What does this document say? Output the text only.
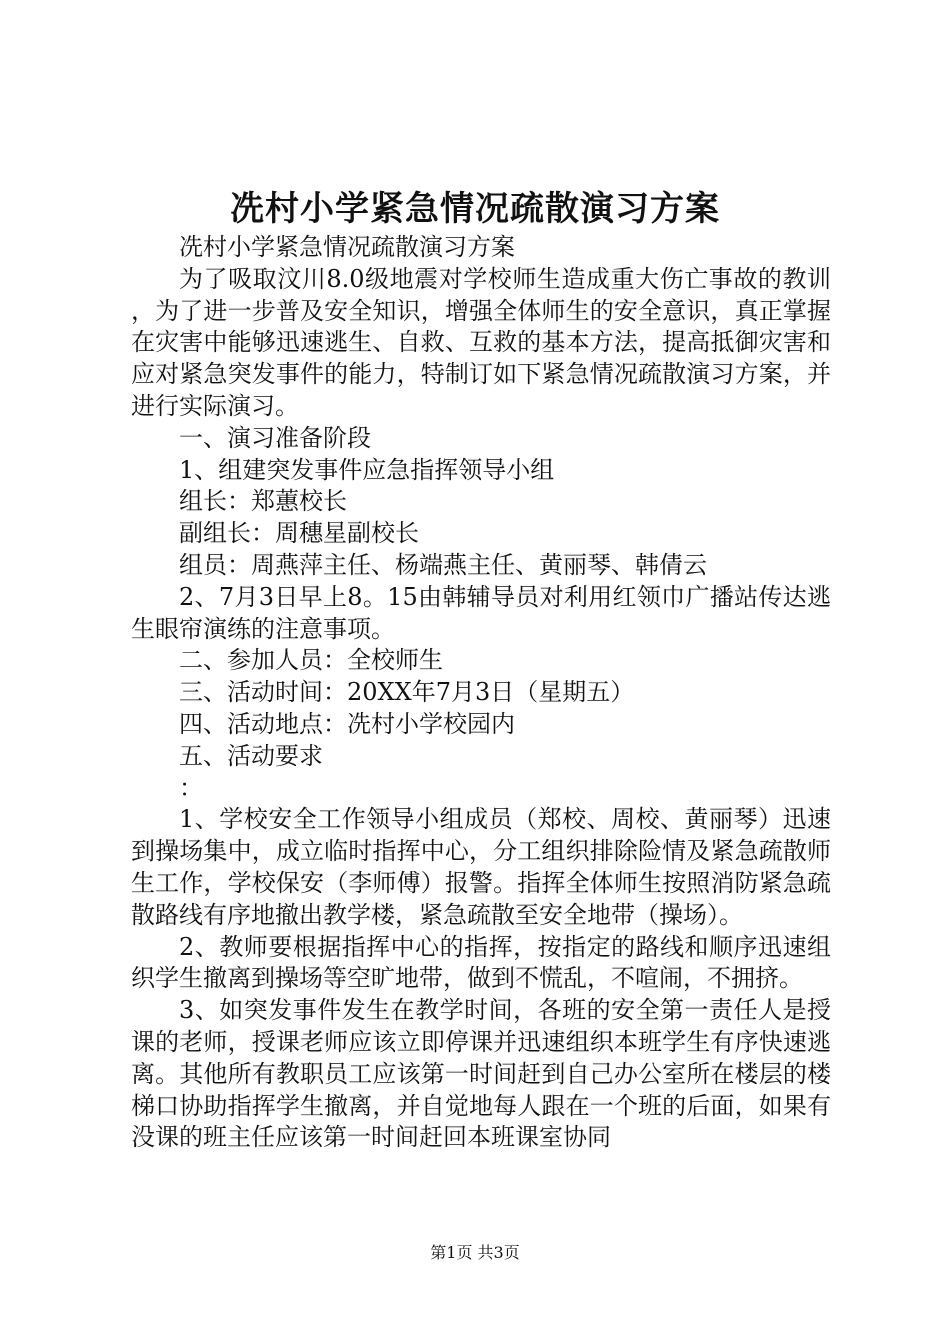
冼村小学紧急情况疏散演习方案

冼村小学紧急情况疏散演习方案

为了吸取汶川8.0级地震对学校师生造成重大伤亡事故的教训，为了进一步普及安全知识，增强全体师生的安全意识，真正掌握在灾害中能够迅速逃生、自救、互救的基本方法，提高抵御灾害和应对紧急突发事件的能力，特制订如下紧急情况疏散演习方案，并进行实际演习。

一、演习准备阶段

1、组建突发事件应急指挥领导小组

组长：郑蕙校长

副组长：周穗星副校长

组员：周燕萍主任、杨端燕主任、黄丽琴、韩倩云

2、7月3日早上8。15由韩辅导员对利用红领巾广播站传达逃生眼帘演练的注意事项。

二、参加人员：全校师生

三、活动时间：20XX年7月3日（星期五）

四、活动地点：冼村小学校园内

五、活动要求

：

1、学校安全工作领导小组成员（郑校、周校、黄丽琴）迅速到操场集中，成立临时指挥中心，分工组织排除险情及紧急疏散师生工作，学校保安（李师傅）报警。指挥全体师生按照消防紧急疏散路线有序地撤出教学楼，紧急疏散至安全地带（操场）。

2、教师要根据指挥中心的指挥，按指定的路线和顺序迅速组织学生撤离到操场等空旷地带，做到不慌乱，不喧闹，不拥挤。

3、如突发事件发生在教学时间，各班的安全第一责任人是授课的老师，授课老师应该立即停课并迅速组织本班学生有序快速逃离。其他所有教职员工应该第一时间赶到自己办公室所在楼层的楼梯口协助指挥学生撤离，并自觉地每人跟在一个班的后面，如果有没课的班主任应该第一时间赶回本班课室协同

第1页 共3页
